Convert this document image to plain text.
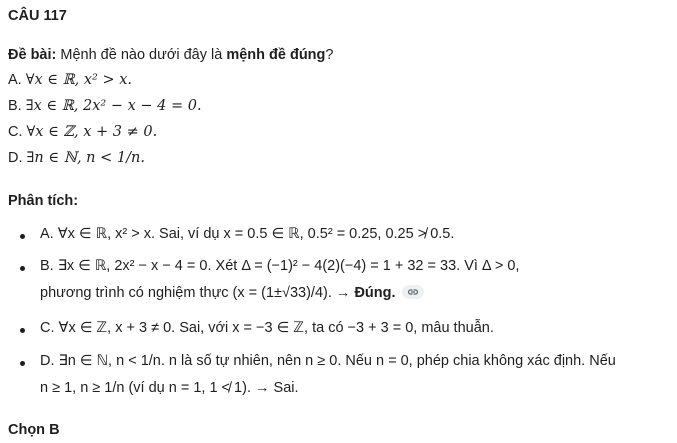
CÂU 117
Đề bài: Mệnh đề nào dưới đây là mệnh đề đúng?
A. ∀x ∈ ℝ, x² > x.
B. ∃x ∈ ℝ, 2x² − x − 4 = 0.
C. ∀x ∈ ℤ, x + 3 ≠ 0.
D. ∃n ∈ ℕ, n < 1/n.
Phân tích:
A. ∀x ∈ ℝ, x² > x. Sai, ví dụ x = 0.5 ∈ ℝ, 0.5² = 0.25, 0.25 ≯ 0.5.
B. ∃x ∈ ℝ, 2x² − x − 4 = 0. Xét Δ = (−1)² − 4(2)(−4) = 1 + 32 = 33. Vì Δ > 0,
phương trình có nghiệm thực (x = (1±√33)/4). → Đúng.
C. ∀x ∈ ℤ, x + 3 ≠ 0. Sai, với x = −3 ∈ ℤ, ta có −3 + 3 = 0, mâu thuẫn.
D. ∃n ∈ ℕ, n < 1/n. n là số tự nhiên, nên n ≥ 0. Nếu n = 0, phép chia không xác định. Nếu
n ≥ 1, n ≥ 1/n (ví dụ n = 1, 1 ≮ 1). → Sai.
Chọn B
